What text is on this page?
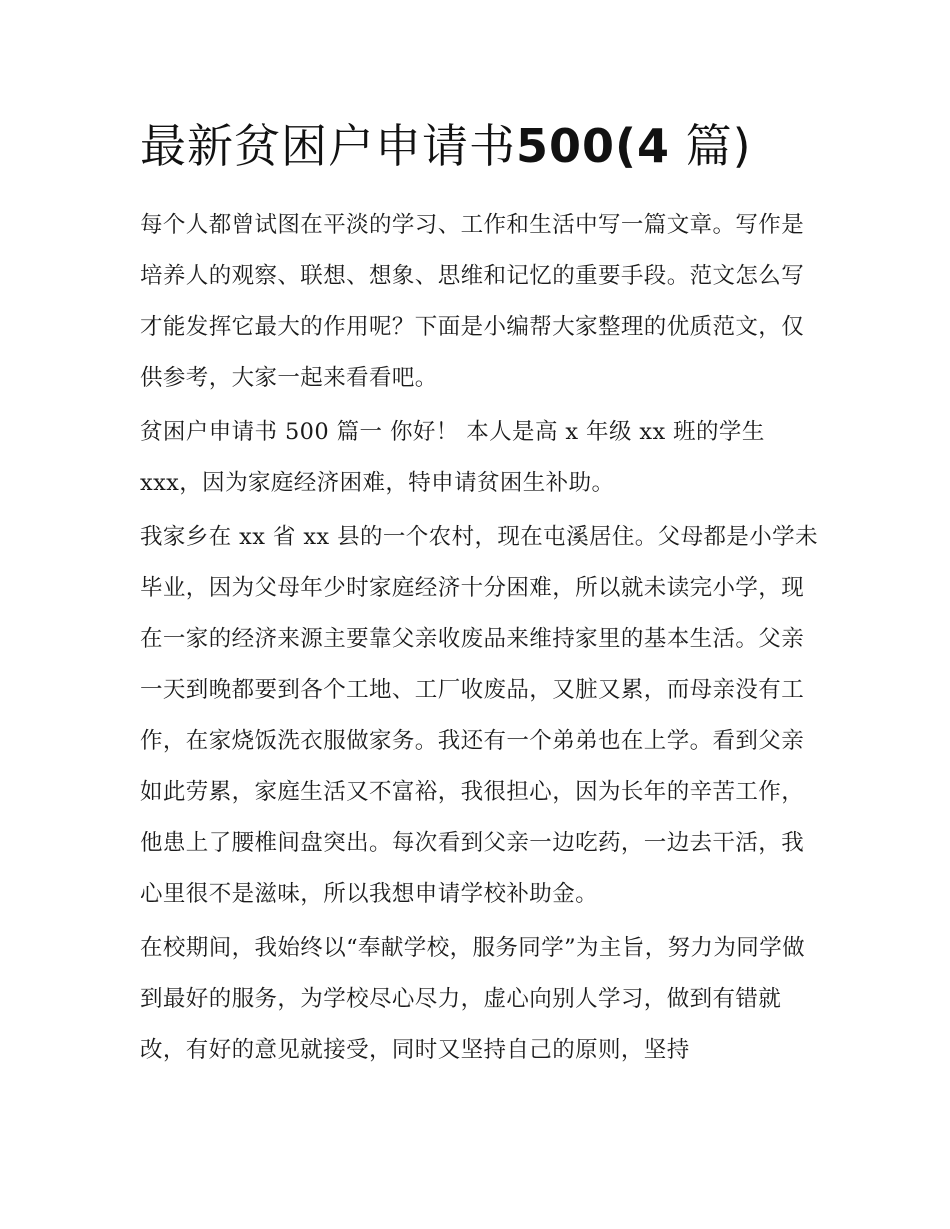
最新贫困户申请书500(4 篇)

每个人都曾试图在平淡的学习、工作和生活中写一篇文章。写作是培养人的观察、联想、想象、思维和记忆的重要手段。范文怎么写才能发挥它最大的作用呢？下面是小编帮大家整理的优质范文，仅供参考，大家一起来看看吧。

贫困户申请书 500 篇一 你好！ 本人是高 x 年级 xx 班的学生 xxx，因为家庭经济困难，特申请贫困生补助。

我家乡在 xx 省 xx 县的一个农村，现在屯溪居住。父母都是小学未毕业，因为父母年少时家庭经济十分困难，所以就未读完小学，现在一家的经济来源主要靠父亲收废品来维持家里的基本生活。父亲一天到晚都要到各个工地、工厂收废品，又脏又累，而母亲没有工作，在家烧饭洗衣服做家务。我还有一个弟弟也在上学。看到父亲如此劳累，家庭生活又不富裕，我很担心，因为长年的辛苦工作，他患上了腰椎间盘突出。每次看到父亲一边吃药，一边去干活，我心里很不是滋味，所以我想申请学校补助金。

在校期间，我始终以“奉献学校，服务同学”为主旨，努力为同学做到最好的服务，为学校尽心尽力，虚心向别人学习，做到有错就改，有好的意见就接受，同时又坚持自己的原则，坚持
